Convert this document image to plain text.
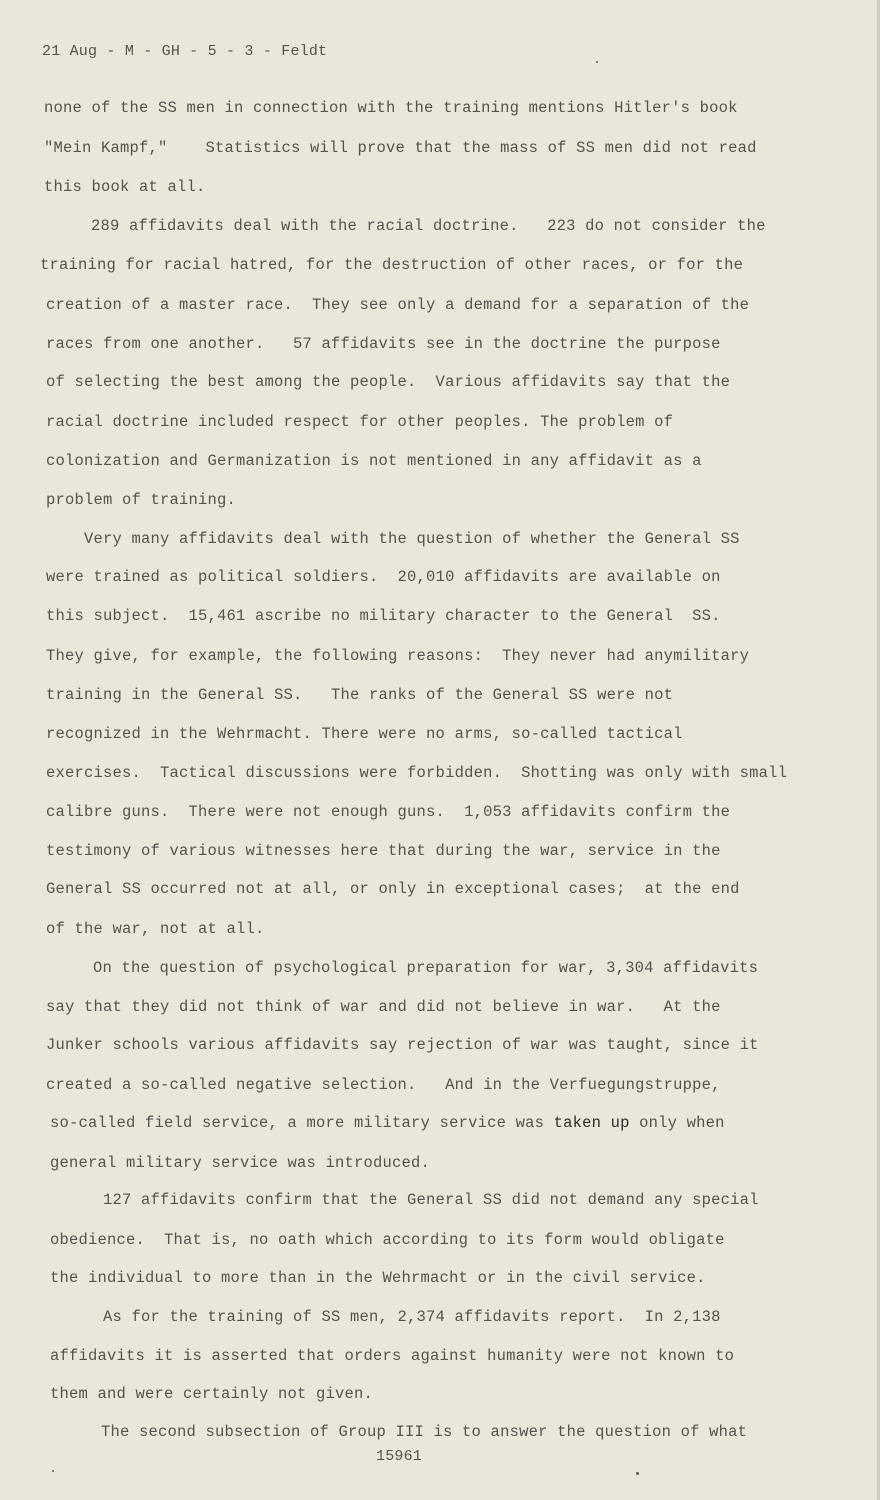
21 Aug - M - GH - 5 - 3 - Feldt
none of the SS men in connection with the training mentions Hitler's book
"Mein Kampf,"    Statistics will prove that the mass of SS men did not read
this book at all.
289 affidavits deal with the racial doctrine.   223 do not consider the
training for racial hatred, for the destruction of other races, or for the
creation of a master race.  They see only a demand for a separation of the
races from one another.   57 affidavits see in the doctrine the purpose
of selecting the best among the people.  Various affidavits say that the
racial doctrine included respect for other peoples. The problem of
colonization and Germanization is not mentioned in any affidavit as a
problem of training.
Very many affidavits deal with the question of whether the General SS
were trained as political soldiers.  20,010 affidavits are available on
this subject.  15,461 ascribe no military character to the General  SS.
They give, for example, the following reasons:  They never had anymilitary
training in the General SS.   The ranks of the General SS were not
recognized in the Wehrmacht. There were no arms, so-called tactical
exercises.  Tactical discussions were forbidden.  Shotting was only with small
calibre guns.  There were not enough guns.  1,053 affidavits confirm the
testimony of various witnesses here that during the war, service in the
General SS occurred not at all, or only in exceptional cases;  at the end
of the war, not at all.
On the question of psychological preparation for war, 3,304 affidavits
say that they did not think of war and did not believe in war.   At the
Junker schools various affidavits say rejection of war was taught, since it
created a so-called negative selection.   And in the Verfuegungstruppe,
so-called field service, a more military service was taken up only when
general military service was introduced.
127 affidavits confirm that the General SS did not demand any special
obedience.  That is, no oath which according to its form would obligate
the individual to more than in the Wehrmacht or in the civil service.
As for the training of SS men, 2,374 affidavits report.  In 2,138
affidavits it is asserted that orders against humanity were not known to
them and were certainly not given.
The second subsection of Group III is to answer the question of what
15961
